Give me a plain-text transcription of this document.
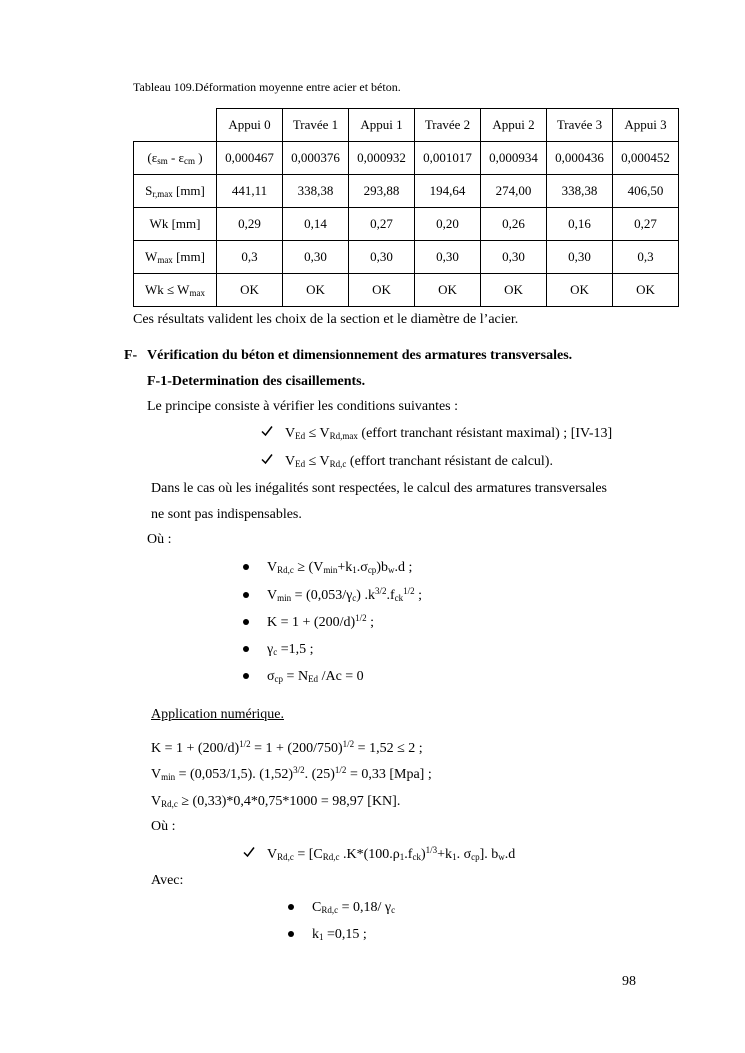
Tableau 109.Déformation moyenne entre acier et béton.
	Appui 0	Travée 1	Appui 1	Travée 2	Appui 2	Travée 3	Appui 3
($\varepsilon_{sm} - \varepsilon_{cm}$ )	0,000467	0,000376	0,000932	0,001017	0,000934	0,000436	0,000452
$S_{r,max}$ [mm]	441,11	338,38	293,88	194,64	274,00	338,38	406,50
Wk [mm]	0,29	0,14	0,27	0,20	0,26	0,16	0,27
$W_{max}$ [mm]	0,3	0,30	0,30	0,30	0,30	0,30	0,3
$Wk \le W_{max}$	OK	OK	OK	OK	OK	OK	OK
Ces résultats valident les choix de la section et le diamètre de l’acier.
F- Vérification du béton et dimensionnement des armatures transversales.
F-1-Determination des cisaillements.
Le principe consiste à vérifier les conditions suivantes :
$V_{Ed} \le V_{Rd,max}$ (effort tranchant résistant maximal) ; [IV-13]
$V_{Ed} \le V_{Rd,c}$ (effort tranchant résistant de calcul).
Dans le cas où les inégalités sont respectées, le calcul des armatures transversales
ne sont pas indispensables.
Où :
$V_{Rd,c} \ge (V_{min}+k_1.\sigma_{cp})b_w.d$ ;
$V_{min} = (0,053/\gamma_c)$ $.k^{3/2}.f_{ck}^{1/2}$ ;
$K = 1 + (200/d)^{1/2}$ ;
$\gamma_c =1,5$ ;
$\sigma_{cp} = N_{Ed}$ /Ac = 0
Application numérique.
$K = 1 + (200/d)^{1/2} = 1 + (200/750)^{1/2} = 1,52 \le 2$ ;
$V_{min} = (0,053/1,5)$. $(1,52)^{3/2}$. $(25)^{1/2} = 0,33$ [Mpa] ;
$V_{Rd,c} \ge (0,33)*0,4*0,75*1000 = 98,97$ [KN].
Où :
$V_{Rd,c} = [C_{Rd,c}$ $.K*(100.\rho_1.f_{ck})^{1/3}+k_1$. $\sigma_{cp}$]. $b_w.d$
Avec:
$C_{Rd,c} = 0,18/$ $\gamma_c$
$k_1 =0,15$ ;
98
